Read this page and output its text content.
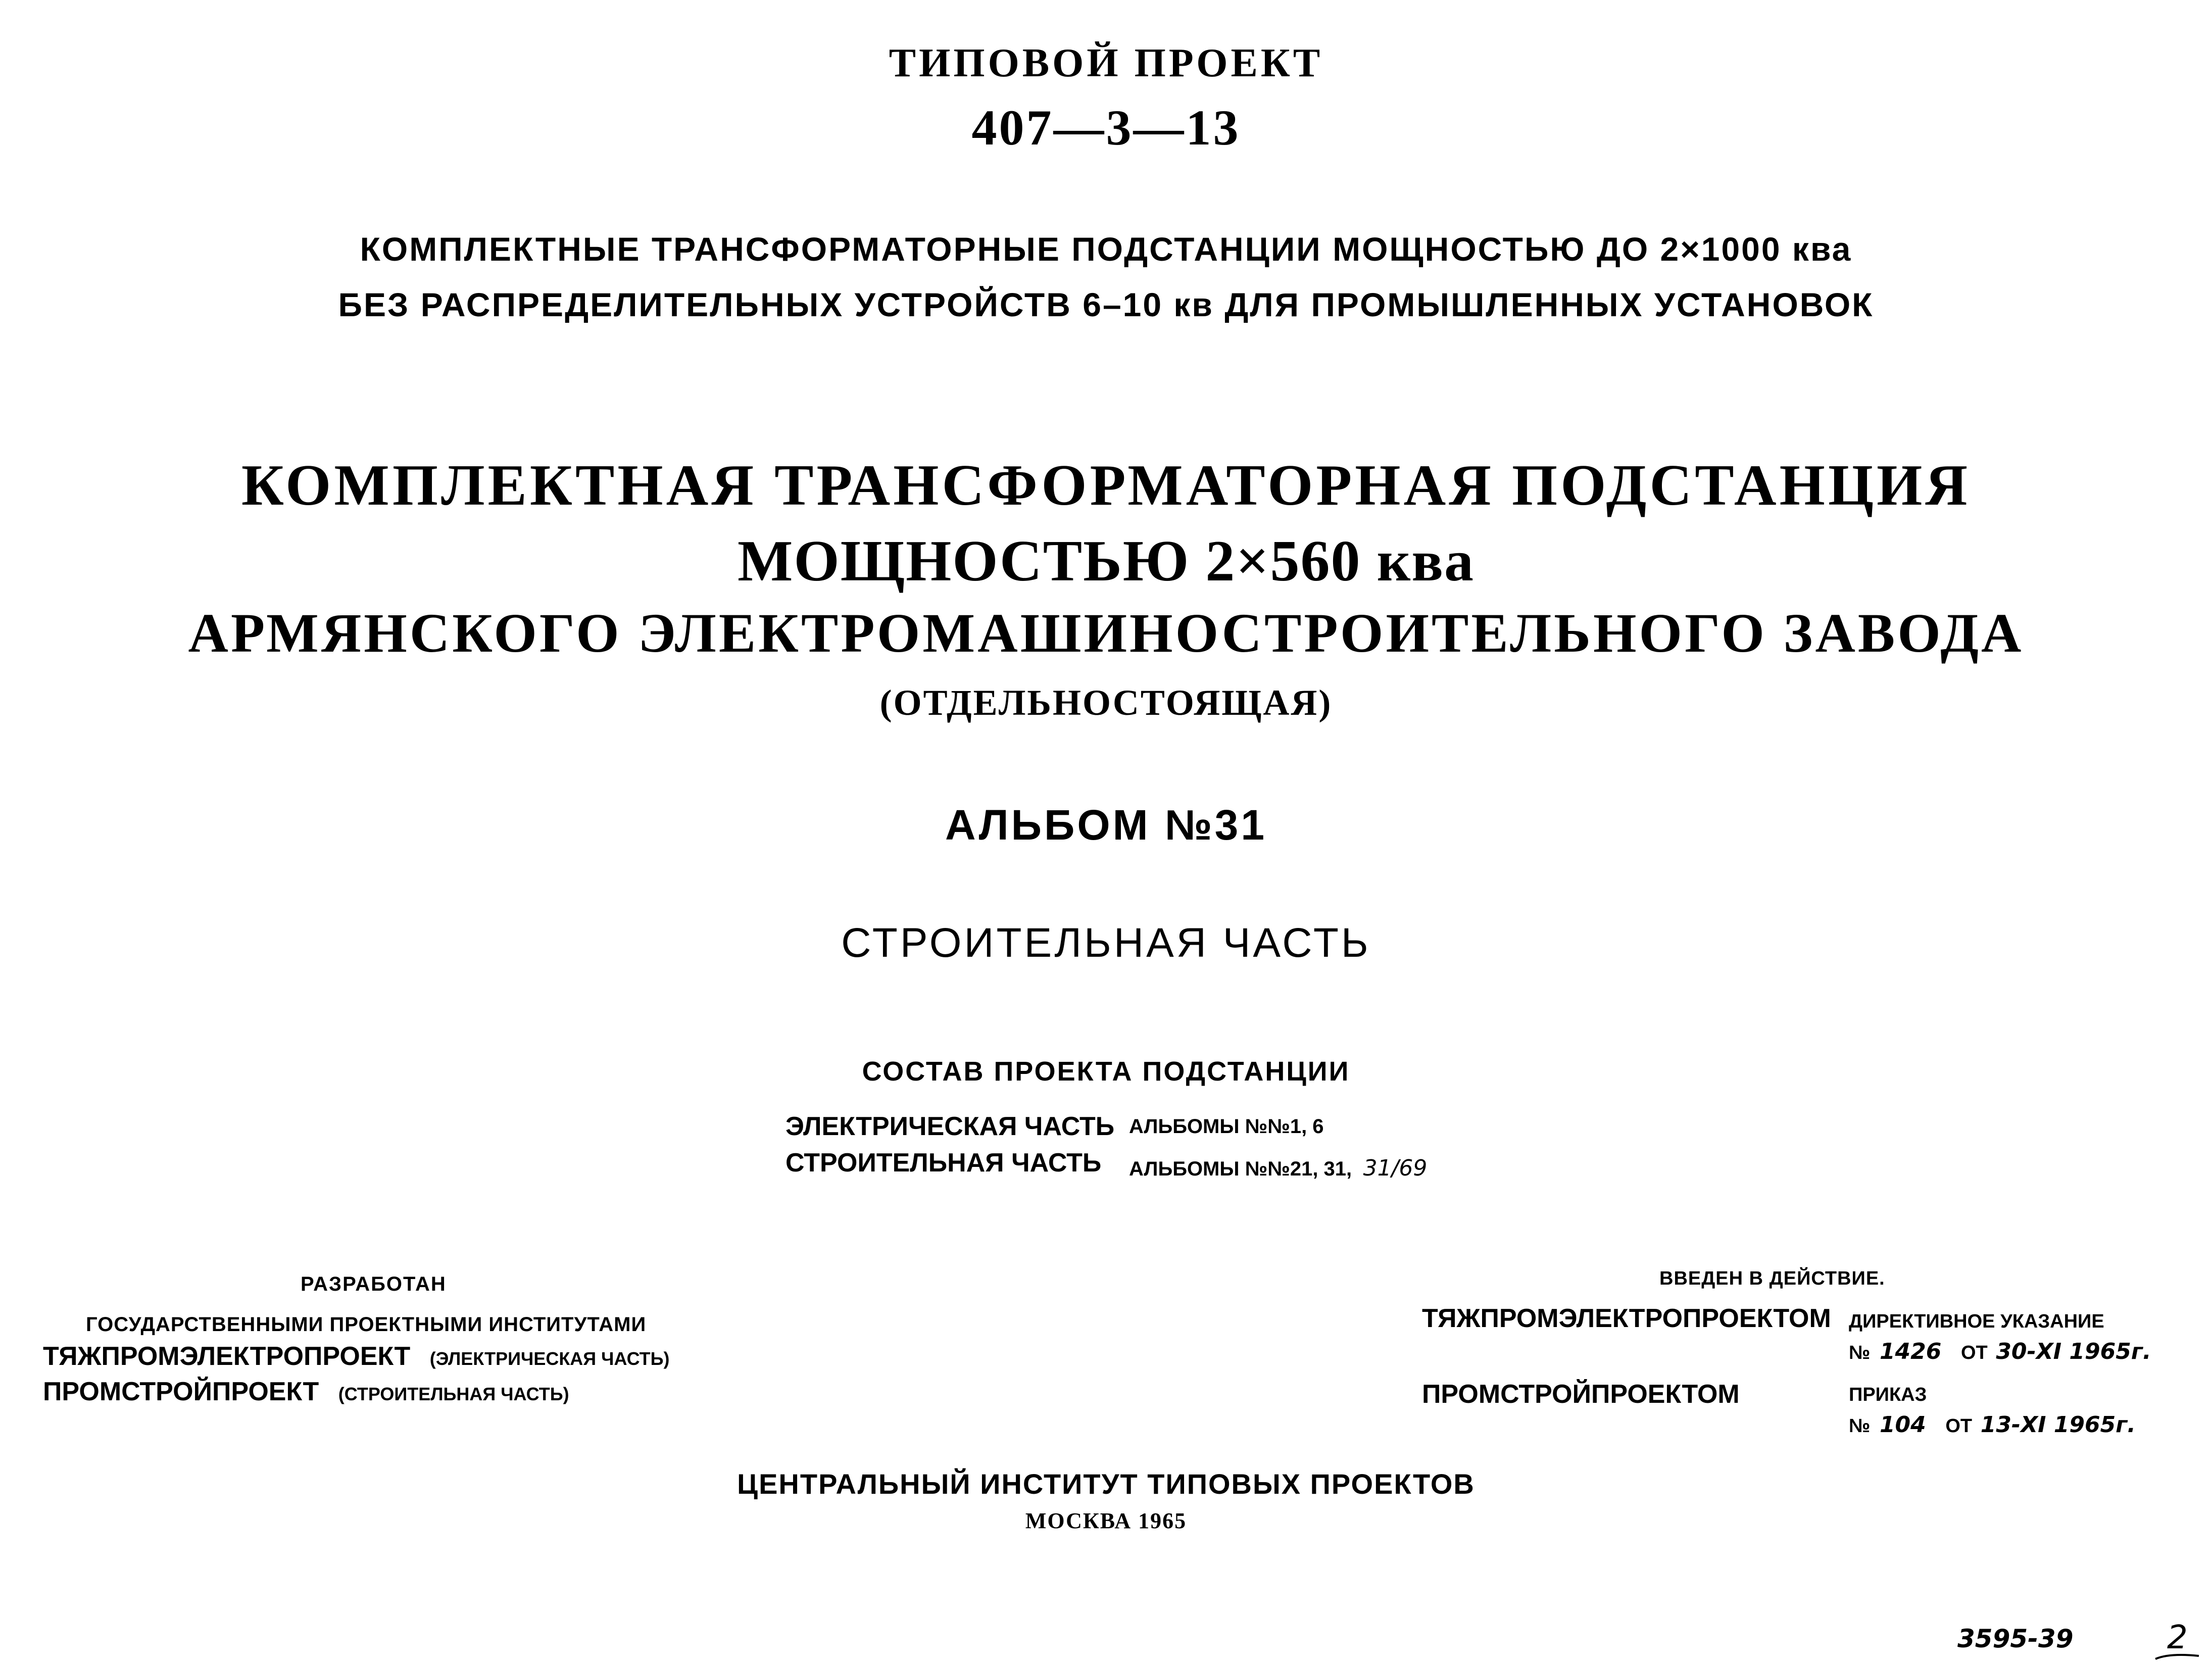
ТИПОВОЙ ПРОЕКТ
407—3—13
КОМПЛЕКТНЫЕ ТРАНСФОРМАТОРНЫЕ ПОДСТАНЦИИ МОЩНОСТЬЮ ДО 2×1000 ква
БЕЗ РАСПРЕДЕЛИТЕЛЬНЫХ УСТРОЙСТВ 6–10 кв ДЛЯ ПРОМЫШЛЕННЫХ УСТАНОВОК
КОМПЛЕКТНАЯ ТРАНСФОРМАТОРНАЯ ПОДСТАНЦИЯ
МОЩНОСТЬЮ 2×560 ква
АРМЯНСКОГО ЭЛЕКТРОМАШИНОСТРОИТЕЛЬНОГО ЗАВОДА
(ОТДЕЛЬНОСТОЯЩАЯ)
АЛЬБОМ №31
СТРОИТЕЛЬНАЯ ЧАСТЬ
СОСТАВ ПРОЕКТА ПОДСТАНЦИИ
ЭЛЕКТРИЧЕСКАЯ ЧАСТЬ АЛЬБОМЫ №№1, 6
СТРОИТЕЛЬНАЯ ЧАСТЬ АЛЬБОМЫ №№21, 31, 31/69
РАЗРАБОТАН
ГОСУДАРСТВЕННЫМИ ПРОЕКТНЫМИ ИНСТИТУТАМИ
ТЯЖПРОМЭЛЕКТРОПРОЕКТ (ЭЛЕКТРИЧЕСКАЯ ЧАСТЬ)
ПРОМСТРОЙПРОЕКТ (СТРОИТЕЛЬНАЯ ЧАСТЬ)
ВВЕДЕН В ДЕЙСТВИЕ.
ТЯЖПРОМЭЛЕКТРОПРОЕКТОМ ДИРЕКТИВНОЕ УКАЗАНИЕ
№ 1426 ОТ 30-XI 1965г.
ПРОМСТРОЙПРОЕКТОМ	ПРИКАЗ
№ 104 ОТ 13-XI 1965г.
ЦЕНТРАЛЬНЫЙ ИНСТИТУТ ТИПОВЫХ ПРОЕКТОВ
МОСКВА 1965
3595-39	2
